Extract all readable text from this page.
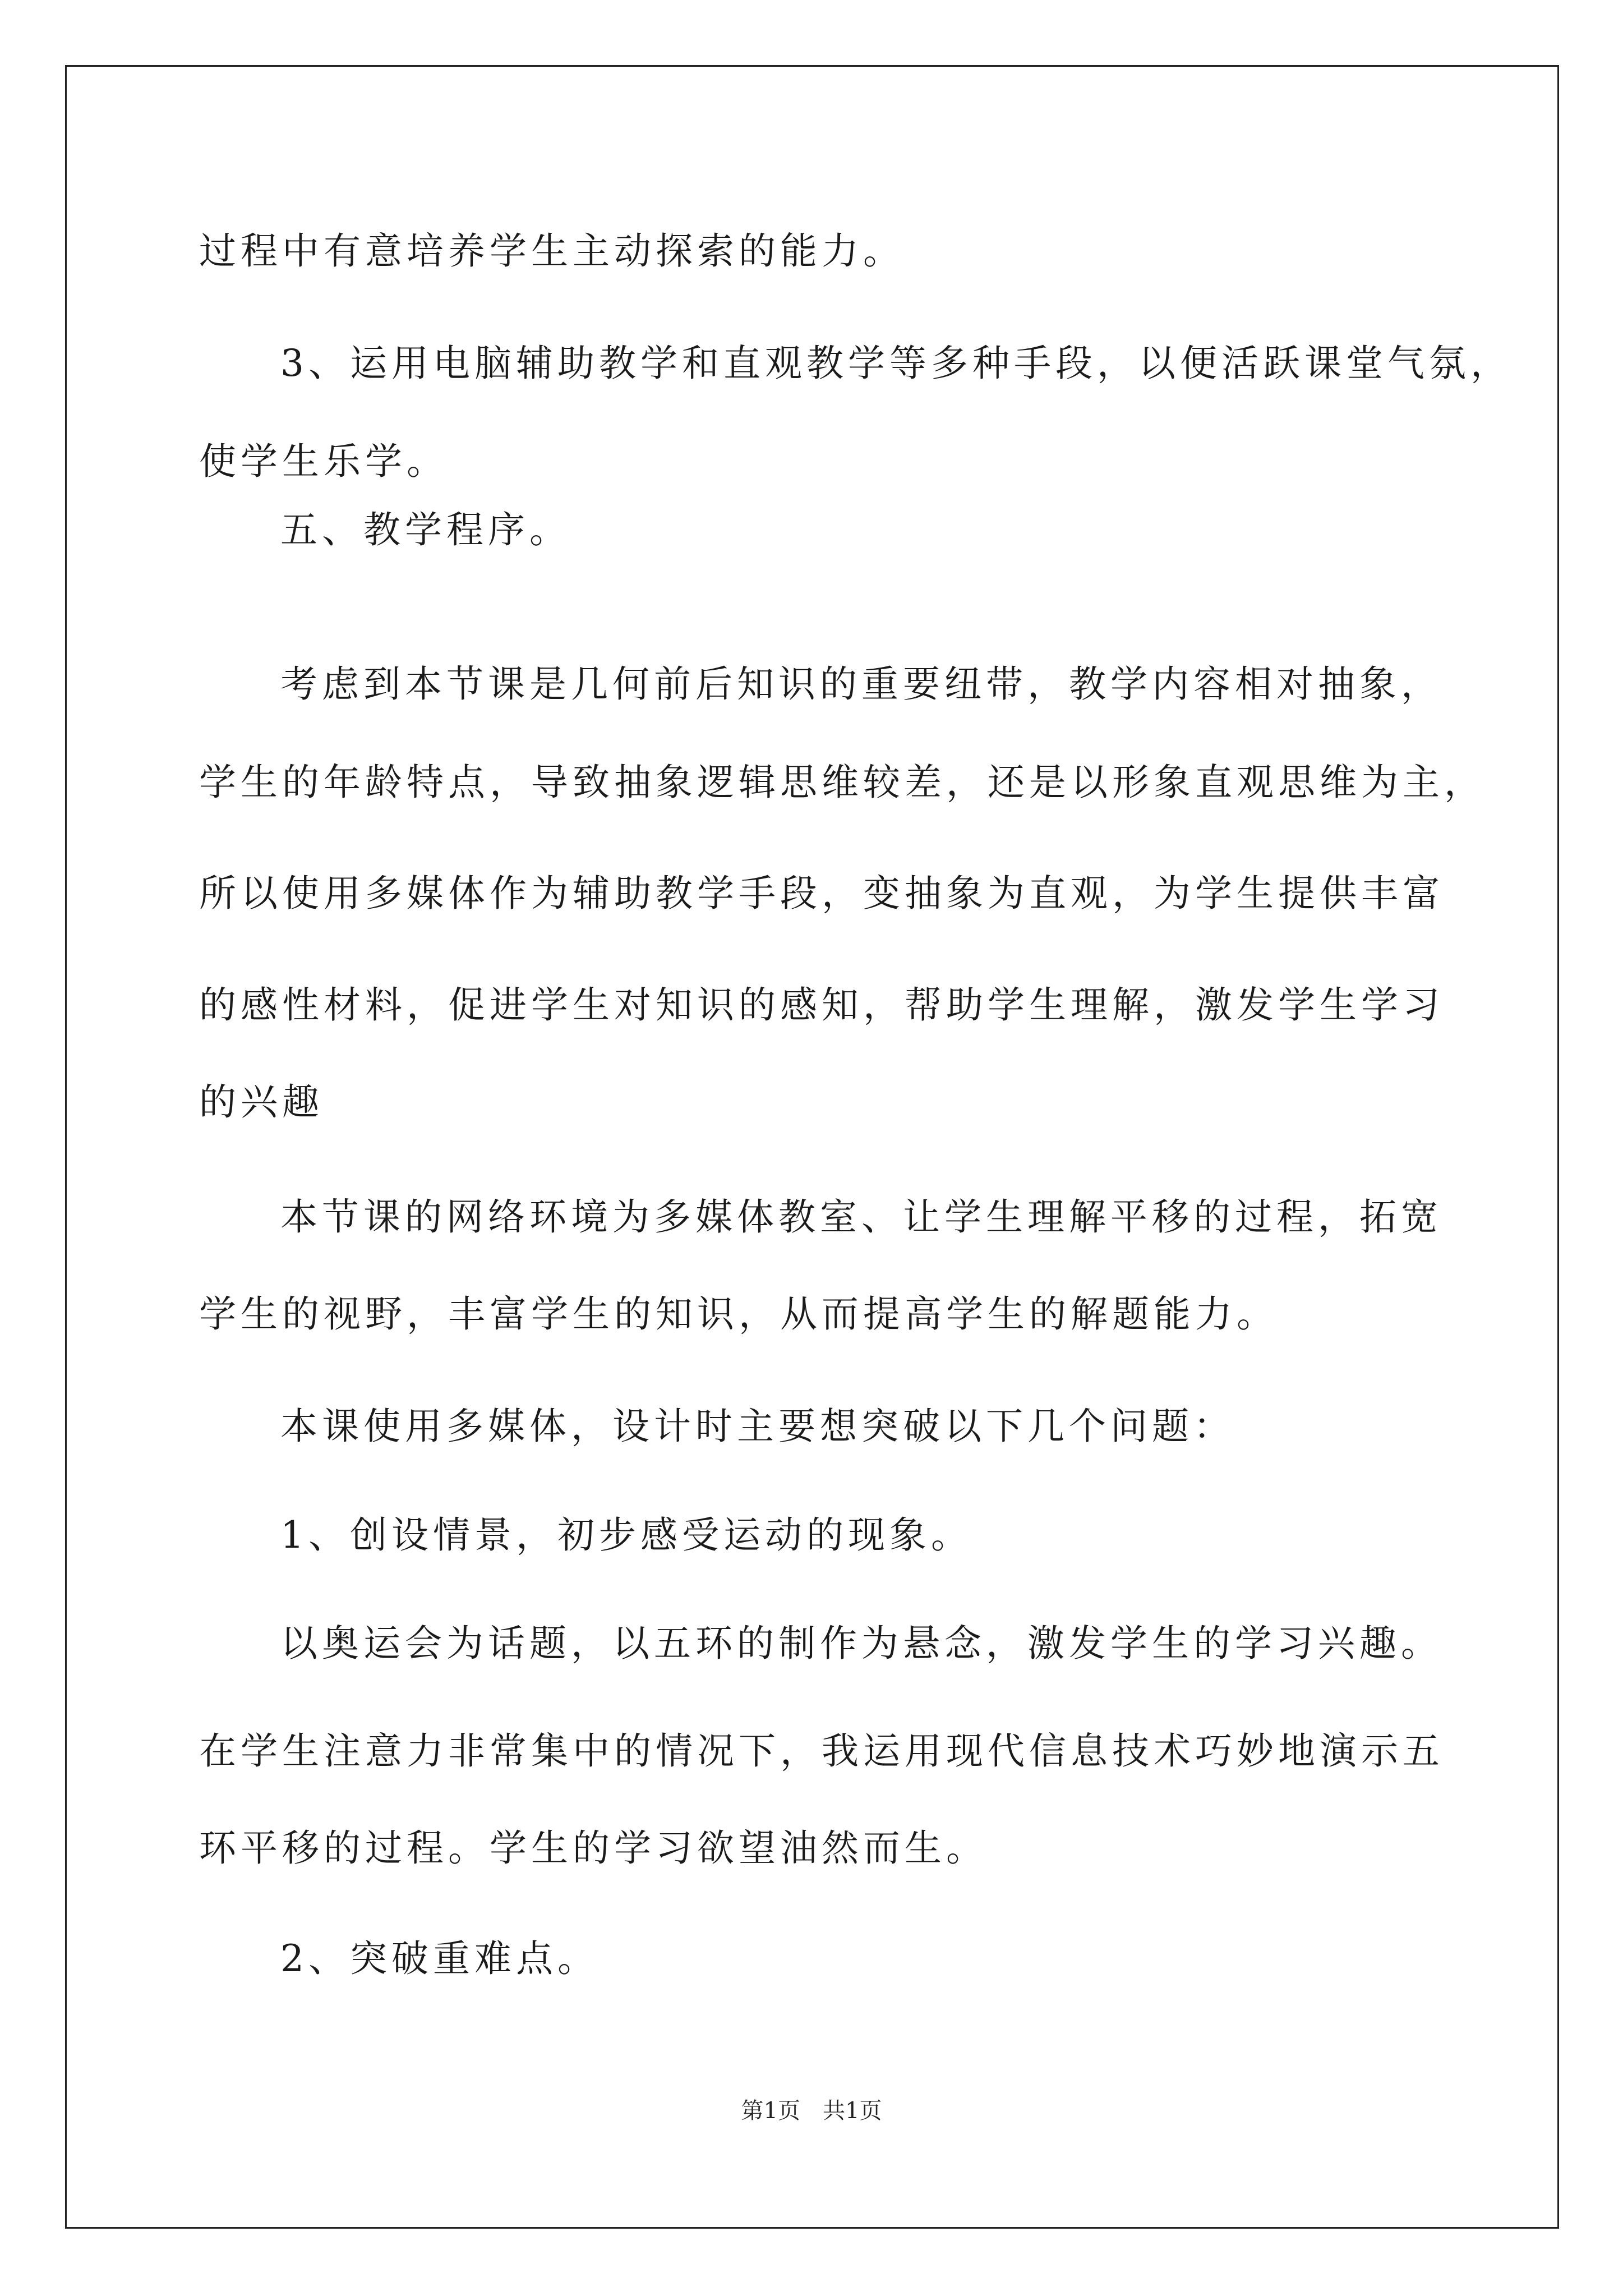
过程中有意培养学生主动探索的能力。
3、运用电脑辅助教学和直观教学等多种手段，以便活跃课堂气氛，
使学生乐学。
五、教学程序。
考虑到本节课是几何前后知识的重要纽带，教学内容相对抽象，
学生的年龄特点，导致抽象逻辑思维较差，还是以形象直观思维为主，
所以使用多媒体作为辅助教学手段，变抽象为直观，为学生提供丰富
的感性材料，促进学生对知识的感知，帮助学生理解，激发学生学习
的兴趣
本节课的网络环境为多媒体教室、让学生理解平移的过程，拓宽
学生的视野，丰富学生的知识，从而提高学生的解题能力。
本课使用多媒体，设计时主要想突破以下几个问题：
1、创设情景，初步感受运动的现象。
以奥运会为话题，以五环的制作为悬念，激发学生的学习兴趣。
在学生注意力非常集中的情况下，我运用现代信息技术巧妙地演示五
环平移的过程。学生的学习欲望油然而生。
2、突破重难点。
第1页　共1页
